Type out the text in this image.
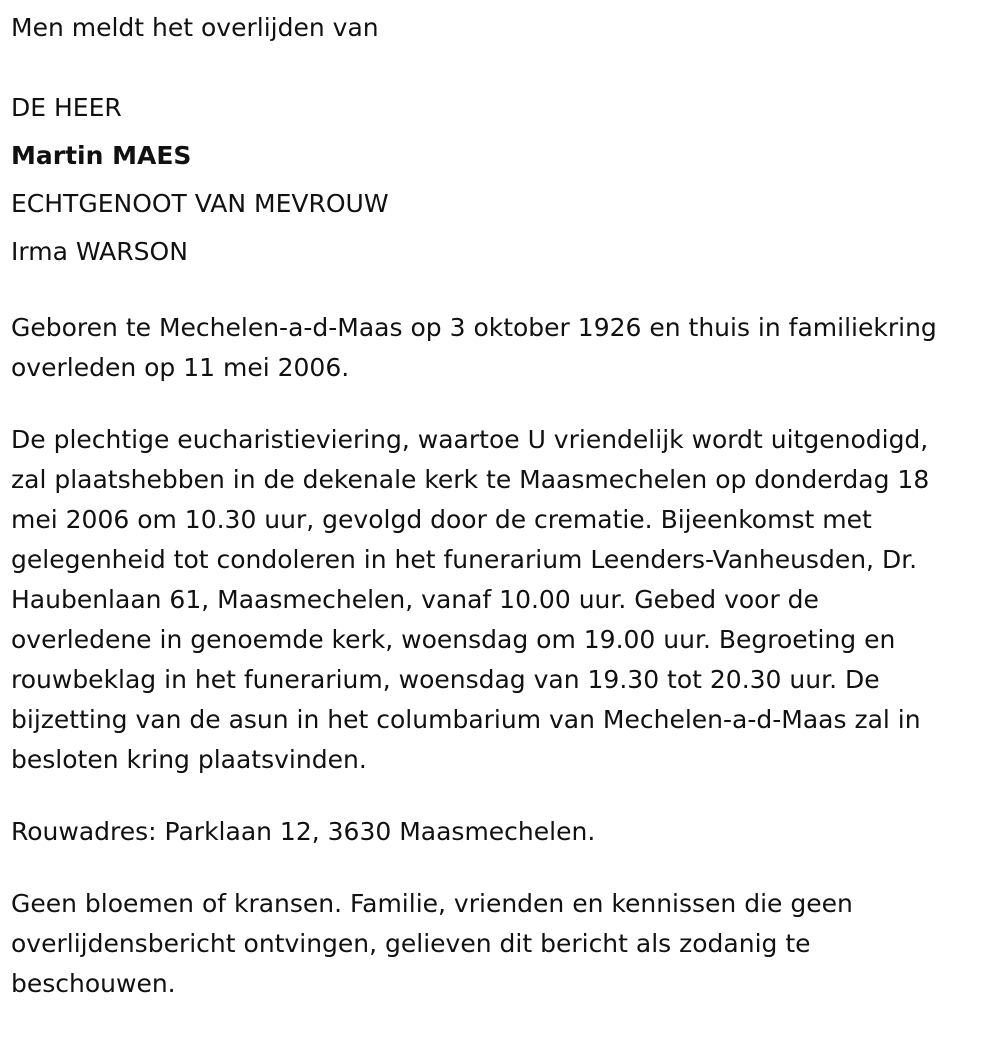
Men meldt het overlijden van

DE HEER

Martin MAES

ECHTGENOOT VAN MEVROUW

Irma WARSON

Geboren te Mechelen-a-d-Maas op 3 oktober 1926 en thuis in familiekring
overleden op 11 mei 2006.

De plechtige eucharistieviering, waartoe U vriendelijk wordt uitgenodigd,
zal plaatshebben in de dekenale kerk te Maasmechelen op donderdag 18
mei 2006 om 10.30 uur, gevolgd door de crematie. Bijeenkomst met
gelegenheid tot condoleren in het funerarium Leenders-Vanheusden, Dr.
Haubenlaan 61, Maasmechelen, vanaf 10.00 uur. Gebed voor de
overledene in genoemde kerk, woensdag om 19.00 uur. Begroeting en
rouwbeklag in het funerarium, woensdag van 19.30 tot 20.30 uur. De
bijzetting van de asun in het columbarium van Mechelen-a-d-Maas zal in
besloten kring plaatsvinden.

Rouwadres: Parklaan 12, 3630 Maasmechelen.

Geen bloemen of kransen. Familie, vrienden en kennissen die geen
overlijdensbericht ontvingen, gelieven dit bericht als zodanig te
beschouwen.
